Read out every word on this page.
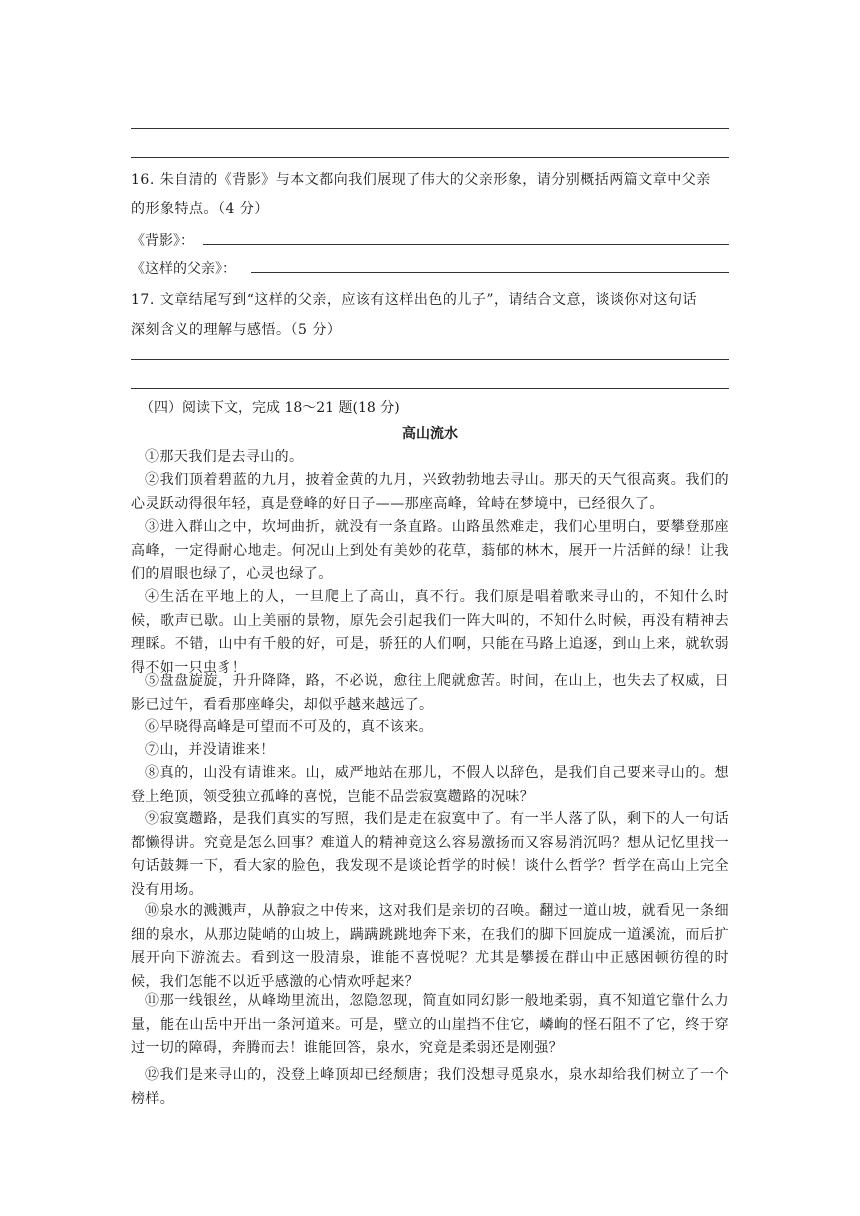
16. 朱自清的《背影》与本文都向我们展现了伟大的父亲形象，请分别概括两篇文章中父亲
的形象特点。（4 分）
《背影》：
《这样的父亲》：
17. 文章结尾写到“这样的父亲，应该有这样出色的儿子”，请结合文意，谈谈你对这句话
深刻含义的理解与感悟。（5 分）
（四）阅读下文，完成 18～21 题(18 分)
高山流水

①那天我们是去寻山的。

②我们顶着碧蓝的九月，披着金黄的九月，兴致勃勃地去寻山。那天的天气很高爽。我们的心灵跃动得很年轻，真是登峰的好日子——那座高峰，耸峙在梦境中，已经很久了。

③进入群山之中，坎坷曲折，就没有一条直路。山路虽然难走，我们心里明白，要攀登那座高峰，一定得耐心地走。何况山上到处有美妙的花草，蓊郁的林木，展开一片活鲜的绿！让我们的眉眼也绿了，心灵也绿了。

④生活在平地上的人，一旦爬上了高山，真不行。我们原是唱着歌来寻山的，不知什么时候，歌声已歇。山上美丽的景物，原先会引起我们一阵大叫的，不知什么时候，再没有精神去理睬。不错，山中有千般的好，可是，骄狂的人们啊，只能在马路上追逐，到山上来，就软弱得不如一只虫豸！

⑤盘盘旋旋，升升降降，路，不必说，愈往上爬就愈苦。时间，在山上，也失去了权威，日影已过午，看看那座峰尖，却似乎越来越远了。

⑥早晓得高峰是可望而不可及的，真不该来。

⑦山，并没请谁来！

⑧真的，山没有请谁来。山，威严地站在那儿，不假人以辞色，是我们自己要来寻山的。想登上绝顶，领受独立孤峰的喜悦，岂能不品尝寂寞趱路的况味？

⑨寂寞趱路，是我们真实的写照，我们是走在寂寞中了。有一半人落了队，剩下的人一句话都懒得讲。究竟是怎么回事？难道人的精神竟这么容易激扬而又容易消沉吗？想从记忆里找一句话鼓舞一下，看大家的脸色，我发现不是谈论哲学的时候！谈什么哲学？哲学在高山上完全没有用场。

⑩泉水的溅溅声，从静寂之中传来，这对我们是亲切的召唤。翻过一道山坡，就看见一条细细的泉水，从那边陡峭的山坡上，蹒蹒跳跳地奔下来，在我们的脚下回旋成一道溪流，而后扩展开向下游流去。看到这一股清泉，谁能不喜悦呢？尤其是攀援在群山中正感困顿彷徨的时候，我们怎能不以近乎感激的心情欢呼起来？

⑪那一线银丝，从峰坳里流出，忽隐忽现，简直如同幻影一般地柔弱，真不知道它靠什么力量，能在山岳中开出一条河道来。可是，壁立的山崖挡不住它，嶙峋的怪石阻不了它，终于穿过一切的障碍，奔腾而去！谁能回答，泉水，究竟是柔弱还是刚强？

⑫我们是来寻山的，没登上峰顶却已经颓唐；我们没想寻觅泉水，泉水却给我们树立了一个榜样。
